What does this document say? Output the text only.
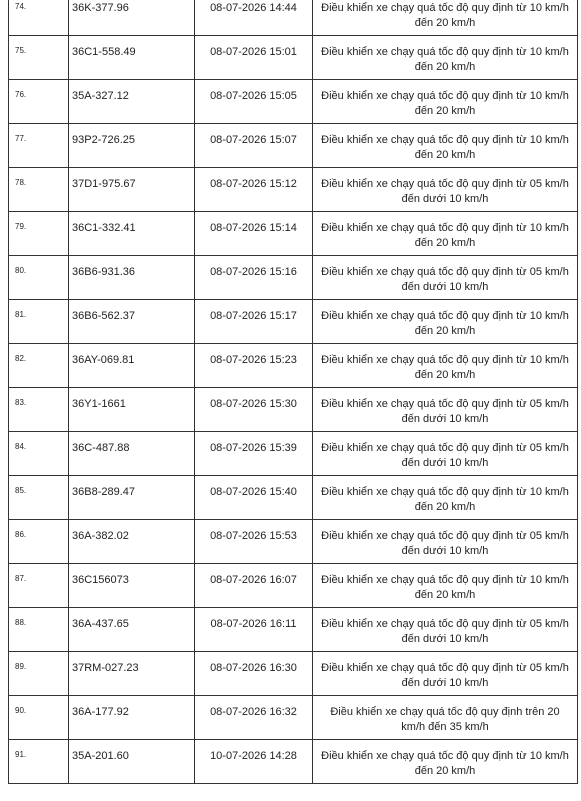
74.	36K-377.96	08-07-2026 14:44	Điều khiển xe chạy quá tốc độ quy định từ 10 km/h đến 20 km/h
75.	36C1-558.49	08-07-2026 15:01	Điều khiển xe chạy quá tốc độ quy định từ 10 km/h đến 20 km/h
76.	35A-327.12	08-07-2026 15:05	Điều khiển xe chạy quá tốc độ quy định từ 10 km/h đến 20 km/h
77.	93P2-726.25	08-07-2026 15:07	Điều khiển xe chạy quá tốc độ quy định từ 10 km/h đến 20 km/h
78.	37D1-975.67	08-07-2026 15:12	Điều khiển xe chạy quá tốc độ quy định từ 05 km/h đến dưới 10 km/h
79.	36C1-332.41	08-07-2026 15:14	Điều khiển xe chạy quá tốc độ quy định từ 10 km/h đến 20 km/h
80.	36B6-931.36	08-07-2026 15:16	Điều khiển xe chạy quá tốc độ quy định từ 05 km/h đến dưới 10 km/h
81.	36B6-562.37	08-07-2026 15:17	Điều khiển xe chạy quá tốc độ quy định từ 10 km/h đến 20 km/h
82.	36AY-069.81	08-07-2026 15:23	Điều khiển xe chạy quá tốc độ quy định từ 10 km/h đến 20 km/h
83.	36Y1-1661	08-07-2026 15:30	Điều khiển xe chạy quá tốc độ quy định từ 05 km/h đến dưới 10 km/h
84.	36C-487.88	08-07-2026 15:39	Điều khiển xe chạy quá tốc độ quy định từ 05 km/h đến dưới 10 km/h
85.	36B8-289.47	08-07-2026 15:40	Điều khiển xe chạy quá tốc độ quy định từ 10 km/h đến 20 km/h
86.	36A-382.02	08-07-2026 15:53	Điều khiển xe chạy quá tốc độ quy định từ 05 km/h đến dưới 10 km/h
87.	36C156073	08-07-2026 16:07	Điều khiển xe chạy quá tốc độ quy định từ 10 km/h đến 20 km/h
88.	36A-437.65	08-07-2026 16:11	Điều khiển xe chạy quá tốc độ quy định từ 05 km/h đến dưới 10 km/h
89.	37RM-027.23	08-07-2026 16:30	Điều khiển xe chạy quá tốc độ quy định từ 05 km/h đến dưới 10 km/h
90.	36A-177.92	08-07-2026 16:32	Điều khiển xe chạy quá tốc độ quy định trên 20 km/h đến 35 km/h
91.	35A-201.60	10-07-2026 14:28	Điều khiển xe chạy quá tốc độ quy định từ 10 km/h đến 20 km/h
